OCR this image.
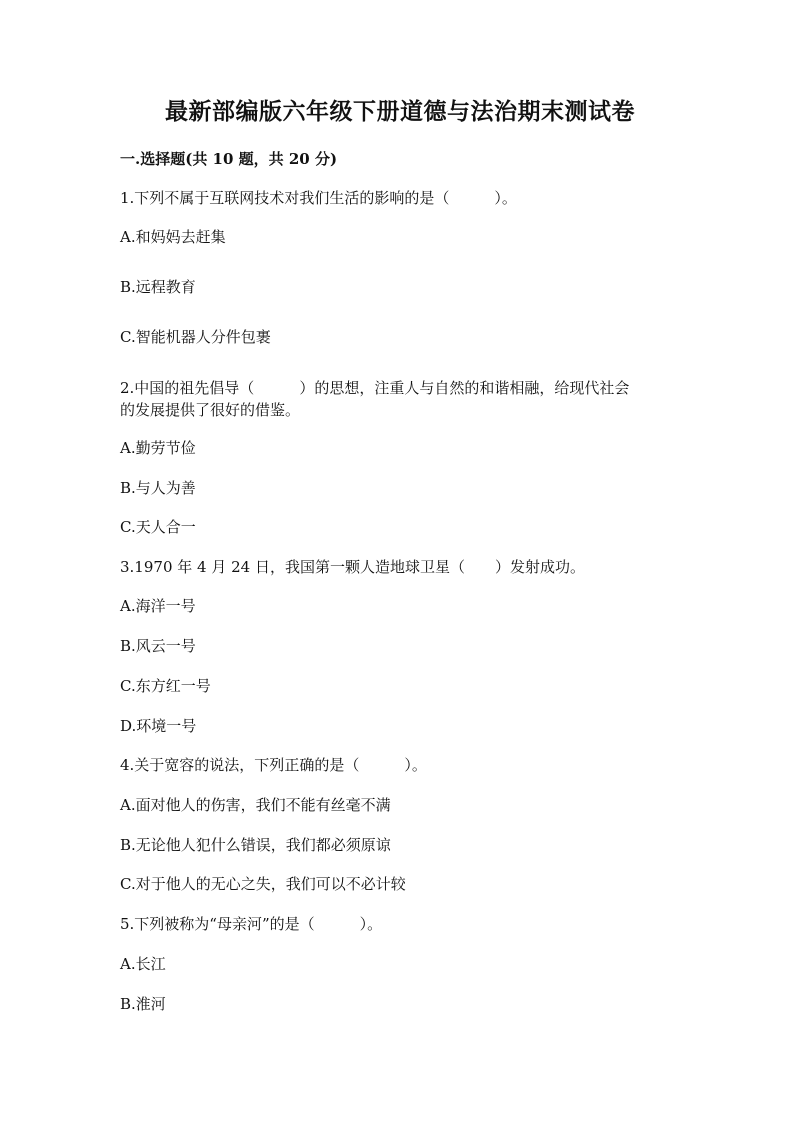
最新部编版六年级下册道德与法治期末测试卷
一.选择题(共 10 题，共 20 分)
1.下列不属于互联网技术对我们生活的影响的是（　　　）。
A.和妈妈去赶集
B.远程教育
C.智能机器人分件包裹
2.中国的祖先倡导（　　　）的思想，注重人与自然的和谐相融，给现代社会
的发展提供了很好的借鉴。
A.勤劳节俭
B.与人为善
C.天人合一
3.1970 年 4 月 24 日，我国第一颗人造地球卫星（　　）发射成功。
A.海洋一号
B.风云一号
C.东方红一号
D.环境一号
4.关于宽容的说法，下列正确的是（　　　）。
A.面对他人的伤害，我们不能有丝毫不满
B.无论他人犯什么错误，我们都必须原谅
C.对于他人的无心之失，我们可以不必计较
5.下列被称为“母亲河”的是（　　　）。
A.长江
B.淮河
